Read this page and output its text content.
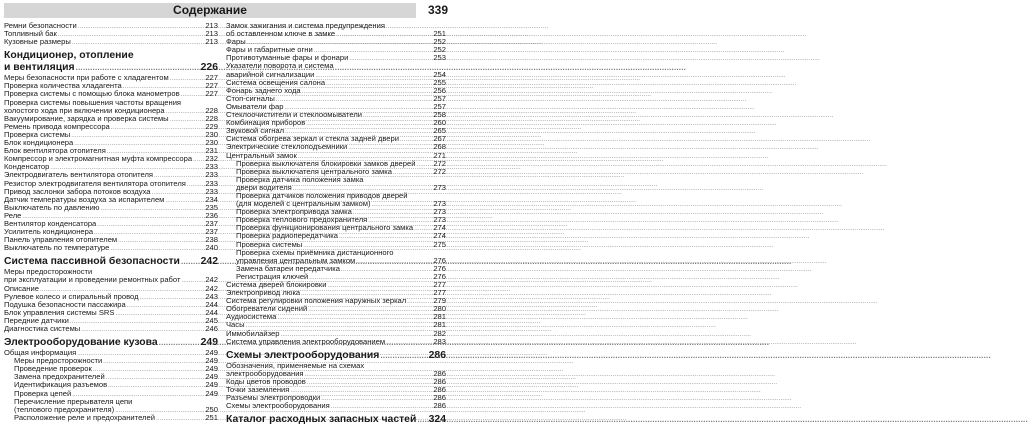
Содержание	339
Ремни безопасности .....	213
Топливный бак .....	213
Кузовные размеры .....	213
Кондиционер, отопление
и вентиляция .....	226
Меры безопасности при работе с хладагентом .....	227
Проверка количества хладагента .....	227
Проверка системы с помощью блока манометров .....	227
Проверка системы повышения частоты вращения
холостого хода при включении кондиционера .....	228
Вакуумирование, зарядка и проверка системы .....	228
Ремень привода компрессора .....	229
Проверка системы .....	230
Блок кондиционера .....	230
Блок вентилятора отопителя .....	231
Компрессор и электромагнитная муфта компрессора ..... 232
Конденсатор .....	233
Электродвигатель вентилятора отопителя .....	233
Резистор электродвигателя вентилятора отопителя .....	233
Привод заслонки забора потоков воздуха .....	233
Датчик температуры воздуха за испарителем .....	234
Выключатель по давлению .....	235
Реле .....	236
Вентилятор конденсатора .....	237
Усилитель кондиционера .....	237
Панель управления отопителем .....	238
Выключатель по температуре .....	240
Система пассивной безопасности ..... 242
Меры предосторожности
при эксплуатации и проведении ремонтных работ .....	242
Описание .....	242
Рулевое колесо и спиральный провод .....	243
Подушка безопасности пассажира .....	244
Блок управления системы SRS .....	244
Передние датчики .....	245
Диагностика системы .....	246
Электрооборудование кузова .....	249
Общая информация .....	249
Меры предосторожности .....	249
Проведение проверок .....	249
Замена предохранителей .....	249
Идентификация разъемов .....	249
Проверка цепей .....	249
Перечисление прерывателя цепи
(теплового предохранителя) .....	250
Расположение реле и предохранителей .....	251
Замок зажигания и система предупреждения
об оставленном ключе в замке .....	251
Фары .....	252
Фары и габаритные огни .....	252
Противотуманные фары и фонари .....	253
Указатели поворота и система
аварийной сигнализации .....	254
Система освещения салона .....	255
Фонарь заднего хода .....	256
Стоп-сигналы .....	257
Омыватели фар .....	257
Стеклоочистители и стеклоомыватели .....	258
Комбинация приборов .....	260
Звуковой сигнал .....	265
Система обогрева зеркал и стекла задней двери .....	267
Электрические стеклоподъемники .....	268
Центральный замок .....	271
Проверка выключателя блокировки замков дверей ..... 272
Проверка выключателя центрального замка .....	272
Проверка датчика положения замка
двери водителя .....	273
Проверка датчиков положения приводов дверей
(для моделей с центральным замком) .....	273
Проверка электропривода замка .....	273
Проверка теплового предохранителя .....	273
Проверка функционирования центрального замка .....	274
Проверка радиопередатчика .....	274
Проверка системы .....	275
Проверка схемы приёмника дистанционного
управления центральным замком .....	276
Замена батареи передатчика .....	276
Регистрация ключей .....	276
Система дверей блокировки .....	277
Электропривод люка .....	277
Система регулировки положения наружных зеркал .....	279
Обогреватели сидений .....	280
Аудиосистема .....	281
Часы .....	281
Иммобилайзер .....	282
Система управления электрооборудованием .....	283
Схемы электрооборудования .....	286
Обозначения, применяемые на схемах
электрооборудования .....	286
Коды цветов проводов .....	286
Точки заземления .....	286
Разъемы электропроводки .....	286
Схемы электрооборудования .....	286
Каталог расходных запасных частей ..... 324
